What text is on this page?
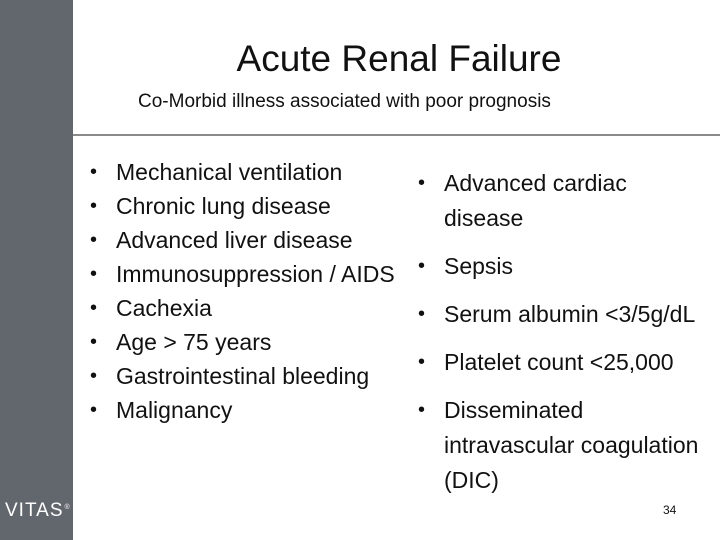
VITAS®
Acute Renal Failure
Co-Morbid illness associated with poor prognosis
• Mechanical ventilation
• Chronic lung disease
• Advanced liver disease
• Immunosuppression / AIDS
• Cachexia
• Age > 75 years
• Gastrointestinal bleeding
• Malignancy
• Advanced cardiac disease
• Sepsis
• Serum albumin <3/5g/dL
• Platelet count <25,000
• Disseminated intravascular coagulation (DIC)
34
